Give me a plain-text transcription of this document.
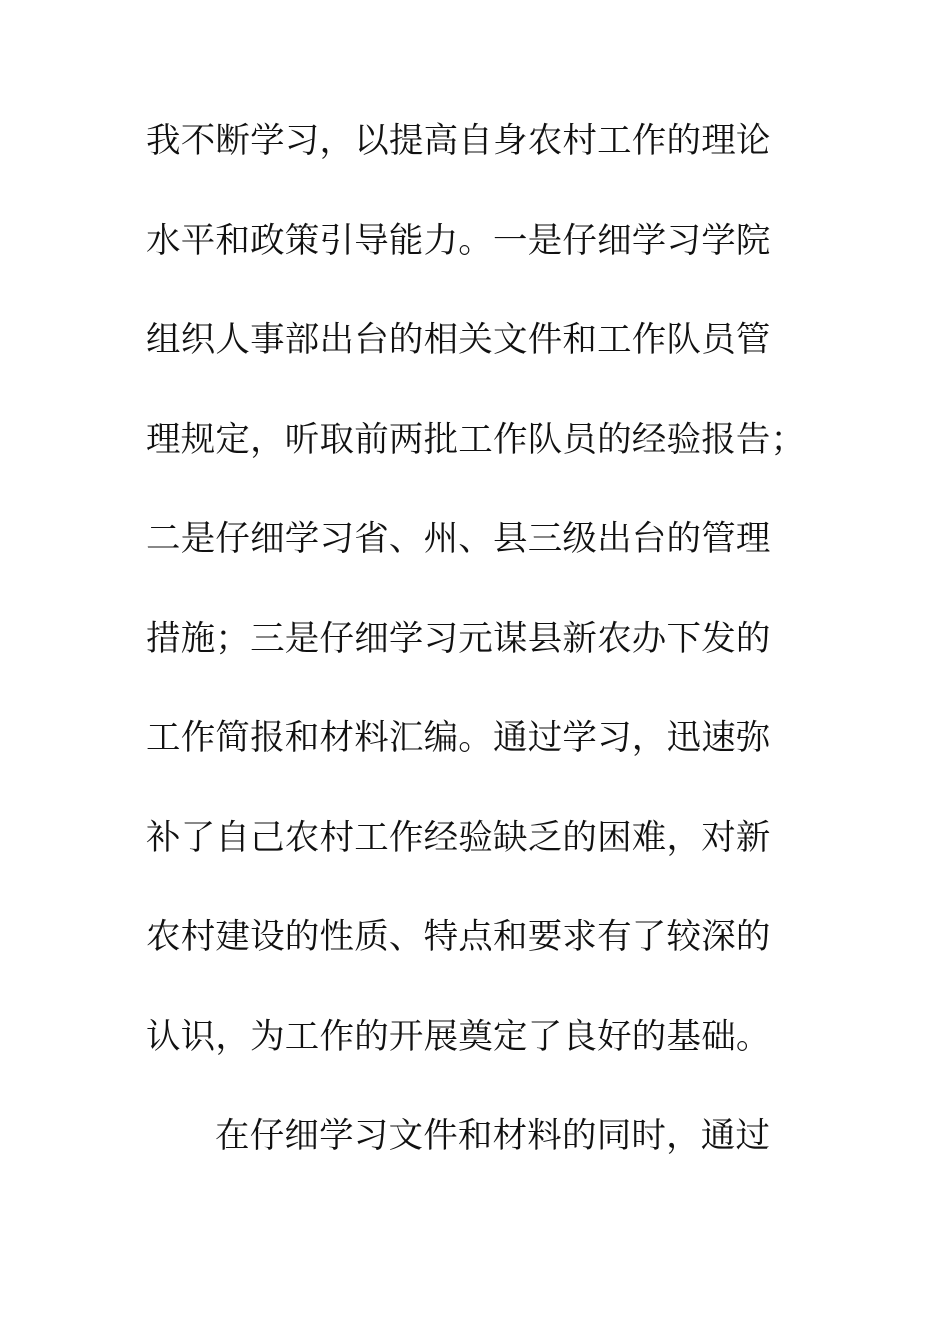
我不断学习，以提高自身农村工作的理论
水平和政策引导能力。一是仔细学习学院
组织人事部出台的相关文件和工作队员管
理规定，听取前两批工作队员的经验报告；
二是仔细学习省、州、县三级出台的管理
措施；三是仔细学习元谋县新农办下发的
工作简报和材料汇编。通过学习，迅速弥
补了自己农村工作经验缺乏的困难，对新
农村建设的性质、特点和要求有了较深的
认识，为工作的开展奠定了良好的基础。
在仔细学习文件和材料的同时，通过
